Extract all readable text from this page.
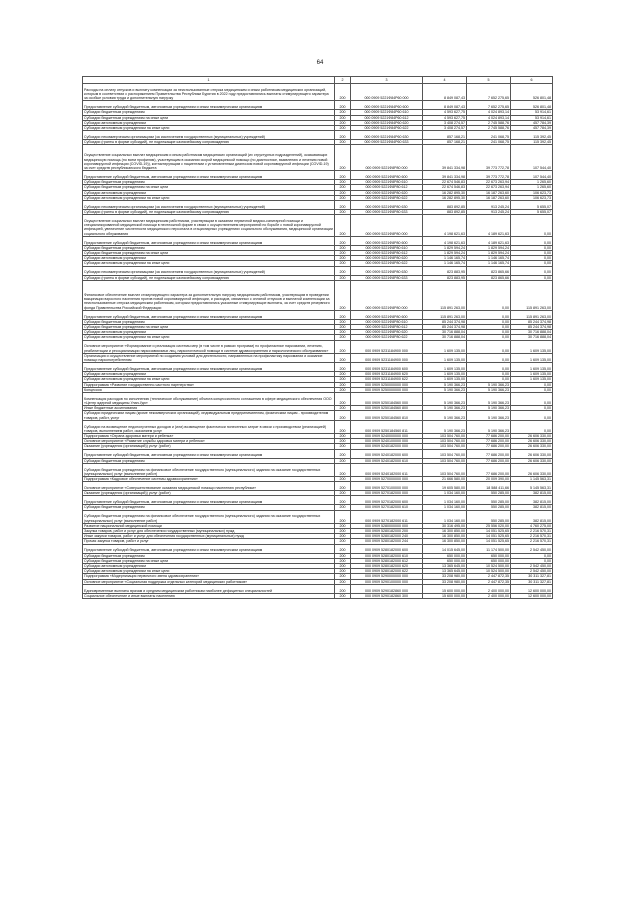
64
1	2	3	4	5	6
Расходы на оплату отпусков и выплату компенсации за неиспользованные отпуска медицинским и иным работникам медицинских организаций, которым в соответствии с распоряжением Правительства Республики Бурятия в 2022 году предоставлялись выплаты стимулирующего характера за особые условия труда и дополнительную нагрузку	200	000 0909 5221Ф84Р60 000	8 849 087,43	7 652 275,65	526 801,48
Предоставление субсидий бюджетным, автономным учреждениям и иным некоммерческим организациям	200	000 0909 5221Ф84Р60 600	8 849 087,43	7 652 275,65	526 801,48
Субсидии бюджетным учреждениям	200	000 0909 5221Ф84Р60 610	4 593 627,75	4 024 893,14	53 914,61
Субсидии бюджетным учреждениям на иные цели	200	000 0909 5221Ф84Р60 612	4 593 627,75	4 024 893,14	53 914,61
Субсидии автономным учреждениям	200	000 0909 5221Ф84Р60 620	3 408 274,57	2 745 588,76	457 784,39
Субсидии автономным учреждениям на иные цели	200	000 0909 5221Ф84Р60 622	3 408 274,57	2 745 588,76	457 784,39
Субсидии некоммерческим организациям (за исключением государственных (муниципальных) учреждений)	200	000 0909 5221Ф84Р60 630	857 168,21	241 068,75	115 392,45
Субсидии (гранты в форме субсидий), не подлежащие казначейскому сопровождению	200	000 0909 5221Ф84Р60 633	857 168,21	241 068,75	115 392,45
Осуществление социальных выплат медицинским и иным работникам медицинских организаций (их структурных подразделений), оказывающих медицинскую помощь (по всем профилям), участвующим в оказании скорой медицинской помощи (по диагностике, выявлению и лечению новой коронавирусной инфекции (COVID-19)), контактирующим с пациентами с установленным диагнозом новой коронавирусной инфекции (COVID-19) за счет средств республиканского бюджета	200	000 0909 5221Ф8Р80 000	39 841 334,98	39 773 772,78	107 544,40
Предоставление субсидий бюджетным, автономным учреждениям и иным некоммерческим организациям	200	000 0909 5221Ф8Р80 600	39 841 334,98	39 773 772,78	107 544,40
Субсидии бюджетным учреждениям	200	000 0909 5221Ф8Р80 610	22 674 546,83	22 673 263,94	1 265,60
Субсидии бюджетным учреждениям на иные цели	200	000 0909 5221Ф8Р80 612	22 674 546,83	22 673 263,94	1 265,60
Субсидии автономным учреждениям	200	000 0909 5221Ф8Р80 620	16 282 895,30	16 187 263,60	106 623,73
Субсидии автономным учреждениям на иные цели	200	000 0909 5221Ф8Р80 622	16 282 895,30	16 187 263,60	106 623,73
Субсидии некоммерческим организациям (за исключением государственных (муниципальных) учреждений)	200	000 0909 5221Ф8Р80 630	883 892,85	913 245,24	5 655,07
Субсидии (гранты в форме субсидий), не подлежащие казначейскому сопровождению	200	000 0909 5221Ф8Р80 633	883 892,85	913 245,24	5 655,07
Осуществление социальных выплат медицинским работникам, участвующим в оказании первичной медико-санитарной помощи и специализированной медицинской помощи в неотложной форме в связи с осуществлением мероприятий по борьбе с новой коронавирусной инфекцией, увеличение численности медицинского персонала в стационарных учреждениях социального обслуживания, медицинской организации социального облуживания	200	000 0909 5221Ф8Р80 000	4 198 621,63	4 189 621,63	0,00
Предоставление субсидий бюджетным, автономным учреждениям и иным некоммерческим организациям	200	000 0909 5221Ф8Р80 600	4 198 621,63	4 189 621,63	0,00
Субсидии бюджетным учреждениям	200	000 0909 5221Ф8Р80 610	1 829 594,24	1 829 594,24	0,00
Субсидии бюджетным учреждениям на иные цели	200	000 0909 5221Ф8Р80 612	1 829 594,24	1 829 594,24	0,00
Субсидии автономным учреждениям	200	000 0909 5221Ф8Р80 620	1 146 165,74	1 146 165,74	0,00
Субсидии автономным учреждениям на иные цели	200	000 0909 5221Ф8Р80 622	1 146 165,74	1 146 165,74	0,00
Субсидии некоммерческим организациям (за исключением государственных (муниципальных) учреждений)	200	000 0909 5221Ф8Р80 630	823 883,95	823 865,66	0,00
Субсидии (гранты в форме субсидий), не подлежащие казначейскому сопровождению	200	000 0909 5221Ф8Р80 633	823 883,95	823 865,66	0,00
Финансовое обеспечение выплат стимулирующего характера за дополнительную нагрузку медицинским работникам, участвующим в проведении вакцинации взрослого населения против новой коронавирусной инфекции, и расходов, связанных с оплатой отпусков и выплатой компенсации за неиспользованные отпуска медицинским работникам, которым предоставлялись указанные стимулирующие выплаты, за счет средств резервного фонда Правительства Российской Федерации	200	000 0909 5221Ф8Р80 000	115 891 263,00	0,00	115 891 263,00
Предоставление субсидий бюджетным, автономным учреждениям и иным некоммерческим организациям	200	000 0909 5221Ф8Р80 600	115 891 263,00	0,00	115 891 263,00
Субсидии бюджетным учреждениям	200	000 0909 5221Ф8Р80 610	85 244 374,98	0,00	85 244 374,98
Субсидии бюджетным учреждениям на иные цели	200	000 0909 5221Ф8Р80 612	85 244 374,98	0,00	85 244 374,98
Субсидии автономным учреждениям	200	000 0909 5221Ф8Р80 620	30 716 888,04	0,00	30 716 888,04
Субсидии автономным учреждениям на иные цели	200	000 0909 5221Ф8Р80 622	30 716 888,04	0,00	30 716 888,04
Основное мероприятие «Формирование и реализация системы мер (в том числе в рамках программ) по профилактике наркомании, лечению, реабилитации и ресоциализации наркозависимых лиц, наркологической помощи в системе здравоохранения и наркологического обслуживания»	200	000 0909 5231184900 000	1 609 135,00	0,00	1 609 135,00
Организация и осуществление мероприятий по созданию условий для деятельности, направленных на профилактику наркомании и оказание помощи наркопотребителям	200	000 0909 5231184900 000	1 609 135,00	0,00	1 609 135,00
Предоставление субсидий бюджетным, автономным учреждениям и иным некоммерческим организациям	200	000 0909 5231184900 600	1 609 135,00	0,00	1 609 135,00
Субсидии автономным учреждениям	200	000 0909 5231184900 620	1 609 135,00	0,00	1 609 135,00
Субсидии автономным учреждениям на иные цели	200	000 0909 5231184900 622	1 609 135,00	0,00	1 609 135,00
Подпрограмма «Развитие государственно-частного партнерства»	200	000 0909 5250000000 000	5 190 366,23	5 190 366,23	0,00
Концессия	200	000 0909 5250000000 000	5 190 366,23	5 190 366,23	0,00
Компенсация расходов по исполнению (техническое обслуживание) объекта концессионного соглашения в сфере медицинского обеспечения ООО «Центр ядерной медицины Улан-Удэ»	200	000 0909 5250184560 000	5 190 366,23	5 190 366,23	0,00
Иные бюджетные ассигнования	200	000 0909 5250184560 800	5 190 366,23	5 190 366,23	0,00
Субсидии юридическим лицам (кроме некоммерческих организаций), индивидуальным предпринимателям, физическим лицам - производителям товаров, работ, услуг	200	000 0909 5250184560 810	5 190 366,23	5 190 366,23	0,00
Субсидии на возмещение недополученных доходов и (или) возмещение фактически понесенных затрат в связи с производством (реализацией) товаров, выполнением работ, оказанием услуг	200	000 0909 5250184560 811	5 190 366,23	5 190 366,23	0,00
Подпрограмма «Охрана здоровья матери и ребенка»	200	000 0909 5240000000 000	103 504 760,00	77 686 200,00	26 606 330,00
Основное мероприятие «Развитие службы здоровья матери и ребенка»	200	000 0909 5240100000 000	103 504 760,00	77 686 200,00	26 606 330,00
Оказание (учреждения (организаций)) услуг (работ)	200	000 0909 5240182000 000	103 504 760,00	77 686 200,00	26 606 330,00
Предоставление субсидий бюджетным, автономным учреждениям и иным некоммерческим организациям	200	000 0909 5240182000 600	103 504 760,00	77 686 200,00	26 606 330,00
Субсидии бюджетным учреждениям	200	000 0909 5240182000 610	103 504 760,00	77 686 200,00	26 606 330,00
Субсидии бюджетным учреждениям на финансовое обеспечение государственного (муниципального) задания на оказание государственных (муниципальных) услуг (выполнение работ)	200	000 0909 5240182000 611	103 504 760,00	77 686 200,00	26 606 330,00
Подпрограмма «Кадровое обеспечение системы здравоохранения»	200	000 0909 5270000000 000	21 666 580,00	20 009 390,00	1 145 563,31
Основное мероприятие «Совершенствование оказания медицинской помощи населению республики»	200	000 0909 5270100000 000	19 605 580,00	18 588 411,66	5 145 563,31
Оказание (учреждения (организаций)) услуг (работ)	200	000 0909 5270182000 000	1 034 160,00	550 285,00	382 815,00
Предоставление субсидий бюджетным, автономным учреждениям и иным некоммерческим организациям	200	000 0909 5270182000 600	1 034 160,00	550 285,00	382 815,00
Субсидии бюджетным учреждениям	200	000 0909 5270182000 610	1 034 160,00	550 285,00	382 815,00
Субсидии бюджетным учреждениям на финансовое обеспечение государственного (муниципального) задания на оказание государственных (муниципальных) услуг (выполнение работ)	200	000 0909 5270182000 611	1 034 160,00	550 285,00	382 815,00
Развитие национальной медицинской помощи	200	000 0909 5280000000 000	30 316 495,00	25 556 020,00	4 760 275,00
Закупка товаров, работ и услуг для обеспечения государственных (муниципальных) нужд	200	000 0909 5280182000 200	16 300 850,00	14 051 525,65	2 216 570,31
Иные закупки товаров, работ и услуг для обеспечения государственных (муниципальных) нужд	200	000 0909 5280182000 240	16 300 850,00	14 051 525,65	2 216 570,31
Прочая закупка товаров, работ и услуг	200	000 0909 5280182000 244	16 300 850,00	14 051 525,65	2 216 570,31
Предоставление субсидий бюджетным, автономным учреждениям и иным некоммерческим организациям	200	000 0909 5280182000 600	14 015 645,00	11 174 500,00	2 542 450,00
Субсидии бюджетным учреждениям	200	000 0909 5280182000 610	650 000,00	650 000,00	0,00
Субсидии бюджетным учреждениям на иные цели	200	000 0909 5280182000 612	650 000,00	650 000,00	0,00
Субсидии автономным учреждениям	200	000 0909 5280182000 620	13 365 645,00	10 524 500,00	2 542 450,00
Субсидии автономным учреждениям на иные цели	200	000 0909 5280182000 622	13 365 645,00	10 524 500,00	2 542 450,00
Подпрограмма «Модернизация первичного звена здравоохранения»	200	000 0909 5290000000 000	33 208 980,00	2 447 872,35	30 311 327,81
Основное мероприятие «Социальная поддержка отдельных категорий медицинских работников»	200	000 0909 5290100000 000	33 208 980,00	2 447 872,35	30 311 327,81
Единовременные выплаты врачам и средним медицинским работникам наиболее дефицитных специальностей	200	000 0909 5290182860 000	15 600 000,00	2 400 000,00	12 600 000,00
Социальное обеспечение и иные выплаты населению	200	000 0909 5290182860 300	15 600 000,00	2 400 000,00	12 600 000,00
